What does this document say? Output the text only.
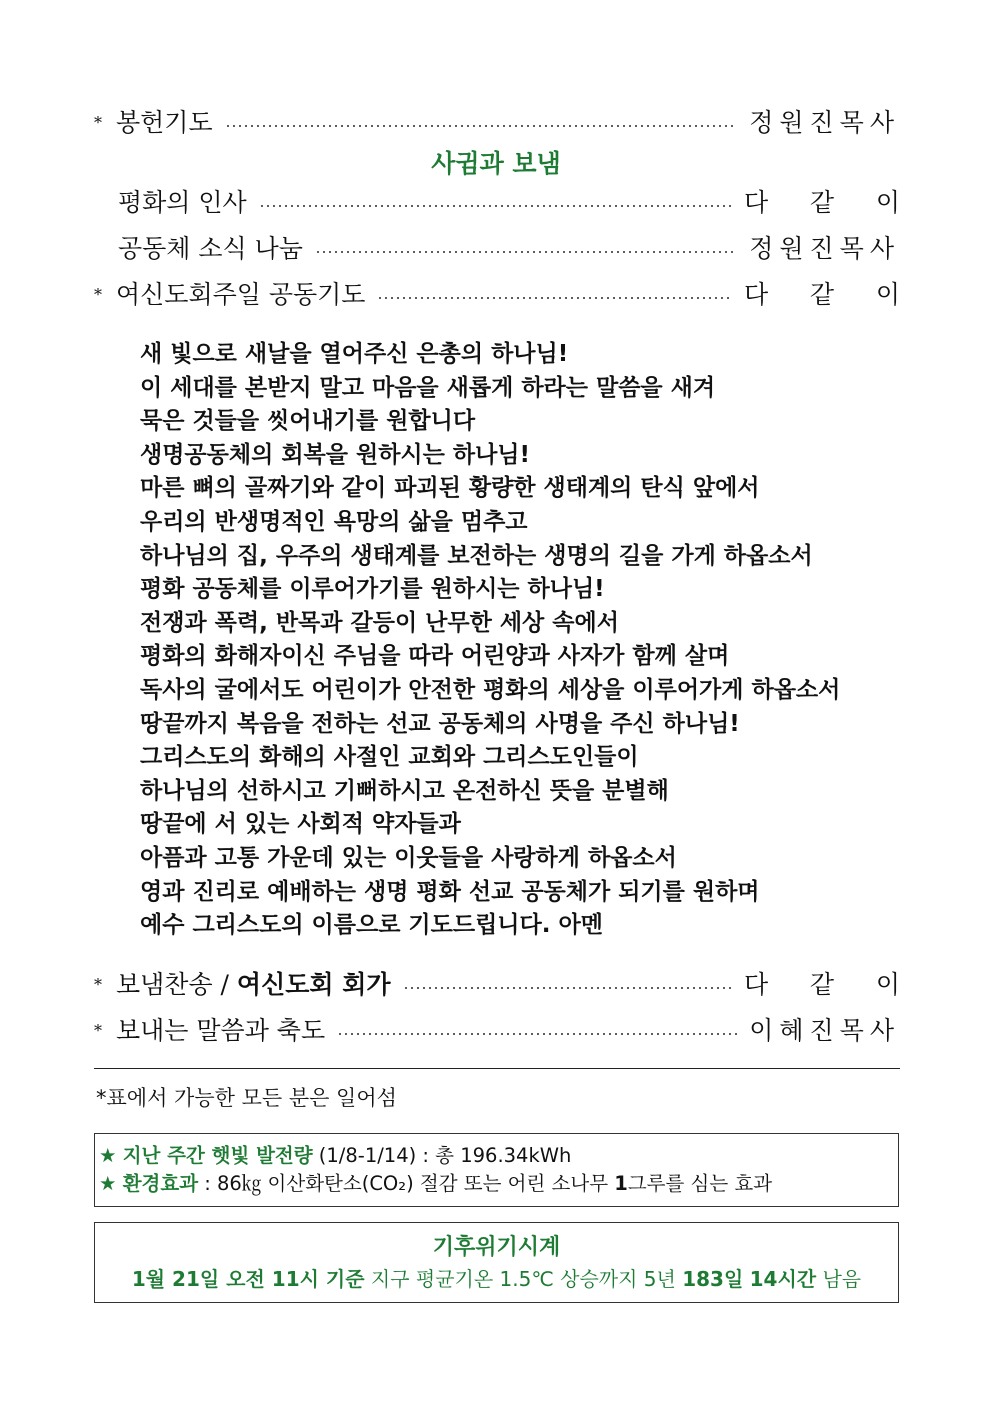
* 봉헌기도	정원진목사
사귐과 보냄
평화의 인사	다 같 이
공동체 소식 나눔	정원진목사
* 여신도회주일 공동기도	다 같 이
새 빛으로 새날을 열어주신 은총의 하나님!
이 세대를 본받지 말고 마음을 새롭게 하라는 말씀을 새겨
묵은 것들을 씻어내기를 원합니다
생명공동체의 회복을 원하시는 하나님!
마른 뼈의 골짜기와 같이 파괴된 황량한 생태계의 탄식 앞에서
우리의 반생명적인 욕망의 삶을 멈추고
하나님의 집, 우주의 생태계를 보전하는 생명의 길을 가게 하옵소서
평화 공동체를 이루어가기를 원하시는 하나님!
전쟁과 폭력, 반목과 갈등이 난무한 세상 속에서
평화의 화해자이신 주님을 따라 어린양과 사자가 함께 살며
독사의 굴에서도 어린이가 안전한 평화의 세상을 이루어가게 하옵소서
땅끝까지 복음을 전하는 선교 공동체의 사명을 주신 하나님!
그리스도의 화해의 사절인 교회와 그리스도인들이
하나님의 선하시고 기뻐하시고 온전하신 뜻을 분별해
땅끝에 서 있는 사회적 약자들과
아픔과 고통 가운데 있는 이웃들을 사랑하게 하옵소서
영과 진리로 예배하는 생명 평화 선교 공동체가 되기를 원하며
예수 그리스도의 이름으로 기도드립니다. 아멘
* 보냄찬송 / 여신도회 회가	다 같 이
* 보내는 말씀과 축도	이혜진목사
*표에서 가능한 모든 분은 일어섬
★ 지난 주간 햇빛 발전량 (1/8-1/14) : 총 196.34kWh
★ 환경효과 : 86㎏ 이산화탄소(CO₂) 절감 또는 어린 소나무 1그루를 심는 효과
기후위기시계
1월 21일 오전 11시 기준 지구 평균기온 1.5℃ 상승까지 5년 183일 14시간 남음
